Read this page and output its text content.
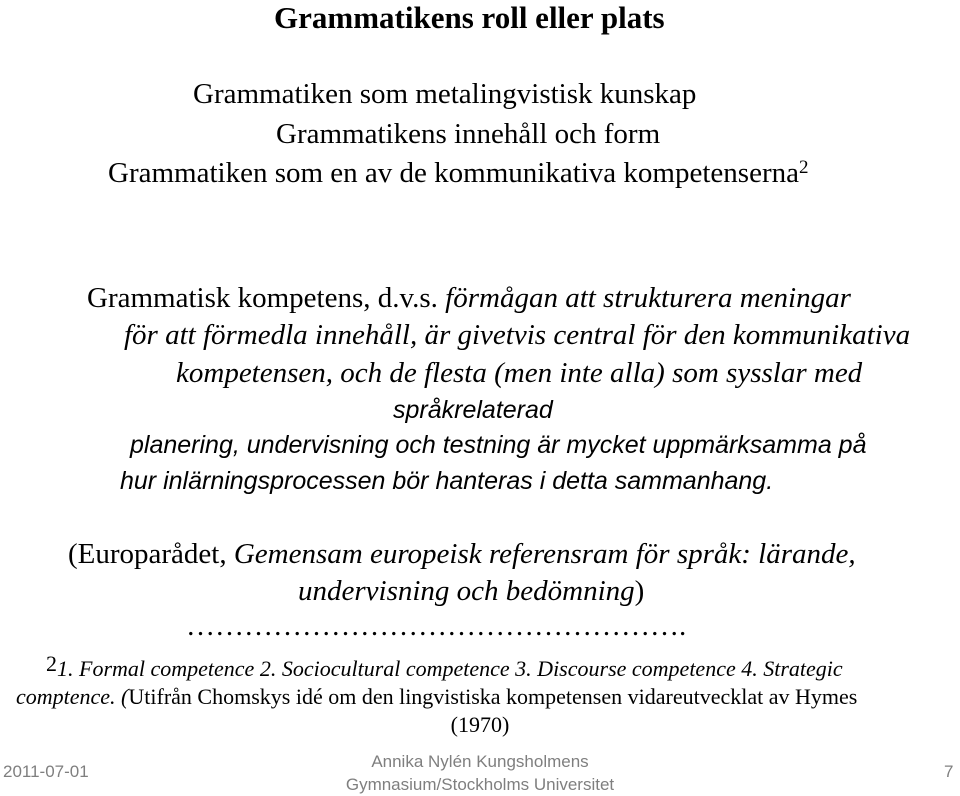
Grammatikens roll eller plats
Grammatiken som metalingvistisk kunskap
Grammatikens innehåll och form
Grammatiken som en av de kommunikativa kompetenserna$^2$
Grammatisk kompetens, d.v.s. förmågan att strukturera meningar
för att förmedla innehåll, är givetvis central för den kommunikativa
kompetensen, och de flesta (men inte alla) som sysslar med
språkrelaterad
planering, undervisning och testning är mycket uppmärksamma på
hur inlärningsprocessen bör hanteras i detta sammanhang.
(Europarådet, Gemensam europeisk referensram för språk: lärande,
undervisning och bedömning)
…………………………………………….
21. Formal competence 2. Sociocultural competence 3. Discourse competence 4. Strategic
comptence. (Utifrån Chomskys idé om den lingvistiska kompetensen vidareutvecklat av Hymes
(1970)
2011-07-01
Annika Nylén Kungsholmens
Gymnasium/Stockholms Universitet
7
